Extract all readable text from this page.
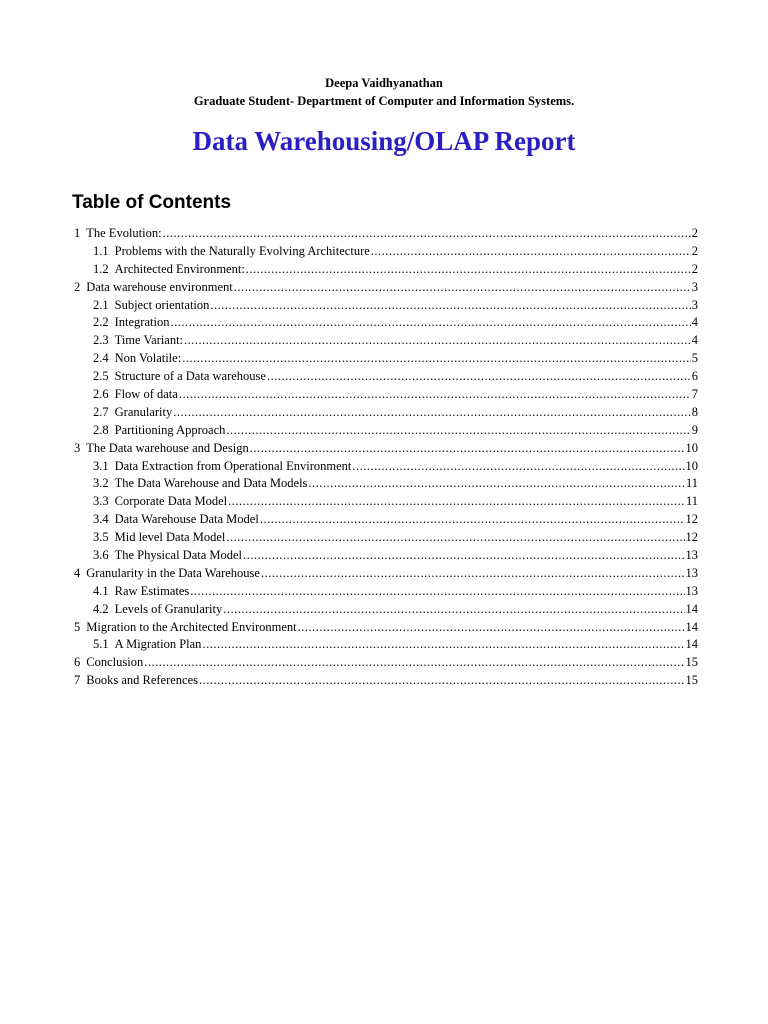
Deepa Vaidhyanathan
Graduate Student- Department of Computer and Information Systems.
Data Warehousing/OLAP Report
Table of Contents
1 The Evolution: .....	2
1.1 Problems with the Naturally Evolving Architecture .....	2
1.2 Architected Environment: .....	2
2 Data warehouse environment .....	3
2.1 Subject orientation .....	3
2.2 Integration .....	4
2.3 Time Variant: .....	4
2.4 Non Volatile: .....	5
2.5 Structure of a Data warehouse .....	6
2.6 Flow of data .....	7
2.7 Granularity .....	8
2.8 Partitioning Approach .....	9
3 The Data warehouse and Design .....	10
3.1 Data Extraction from Operational Environment .....	10
3.2 The Data Warehouse and Data Models .....	11
3.3 Corporate Data Model .....	11
3.4 Data Warehouse Data Model .....	12
3.5 Mid level Data Model .....	12
3.6 The Physical Data Model .....	13
4 Granularity in the Data Warehouse .....	13
4.1 Raw Estimates .....	13
4.2 Levels of Granularity .....	14
5 Migration to the Architected Environment .....	14
5.1 A Migration Plan .....	14
6 Conclusion .....	15
7 Books and References .....	15
